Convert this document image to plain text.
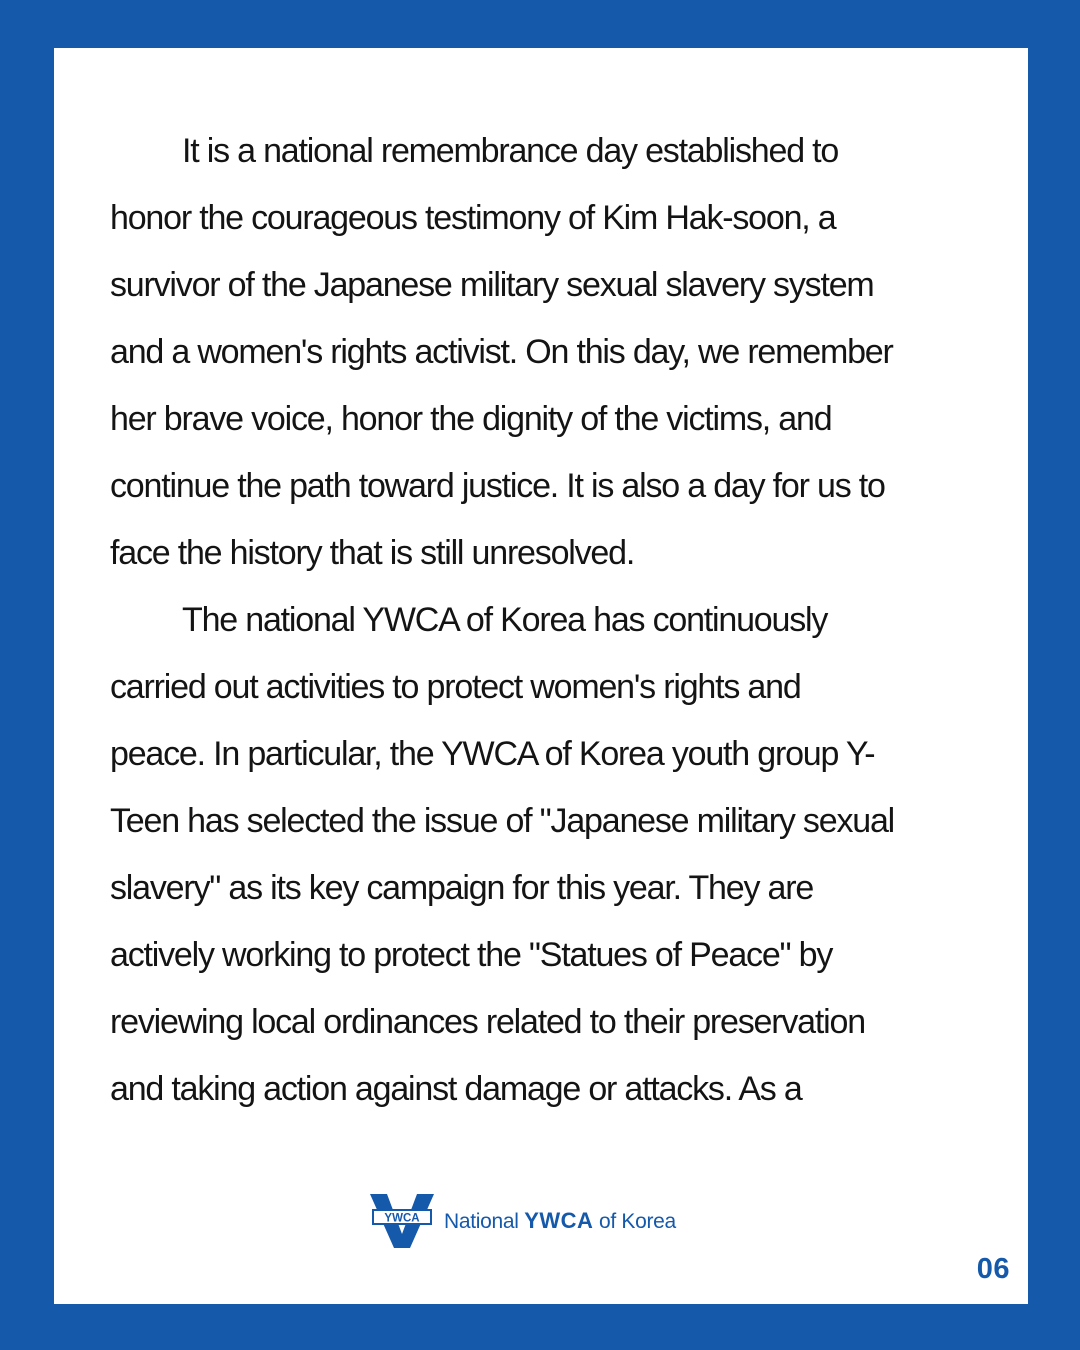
It is a national remembrance day established to
honor the courageous testimony of Kim Hak-soon, a
survivor of the Japanese military sexual slavery system
and a women's rights activist. On this day, we remember
her brave voice, honor the dignity of the victims, and
continue the path toward justice. It is also a day for us to
face the history that is still unresolved.
The national YWCA of Korea has continuously
carried out activities to protect women's rights and
peace. In particular, the YWCA of Korea youth group Y-
Teen has selected the issue of "Japanese military sexual
slavery" as its key campaign for this year. They are
actively working to protect the "Statues of Peace" by
reviewing local ordinances related to their preservation
and taking action against damage or attacks. As a
YWCA National YWCA of Korea
06
